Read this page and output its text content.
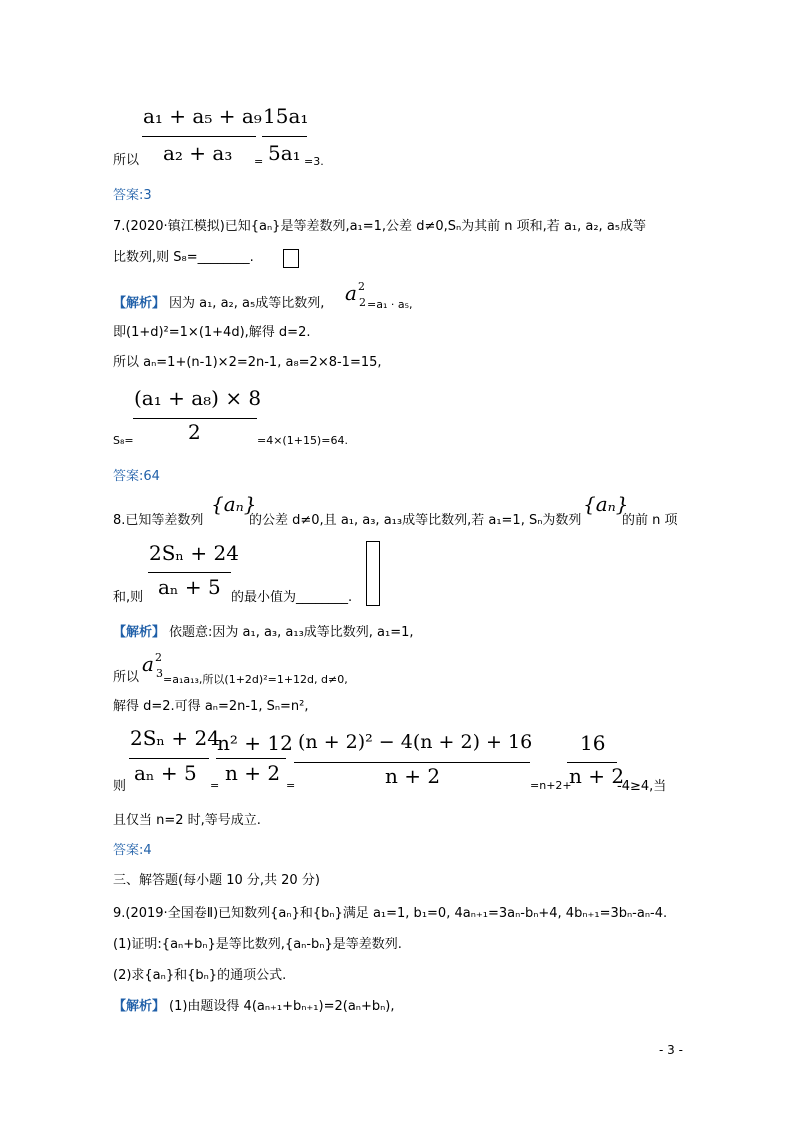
a₁ + a₅ + a₉
a₂ + a₃
15a₁
5a₁
所以	=	=3.
答案:3
7.(2020·镇江模拟)已知{aₙ}是等差数列,a₁=1,公差 d≠0,Sₙ为其前 n 项和,若 a₁, a₂, a₅成等
比数列,则 S₈=________.
【解析】 因为 a₁, a₂, a₅成等比数列, $a^2_2 =a_1 \cdot a_5$,
即(1+d)²=1×(1+4d),解得 d=2.
所以 aₙ=1+(n-1)×2=2n-1, a₈=2×8-1=15,
(a₁ + a₈) × 8
2
S₈=	=4×(1+15)=64.
答案:64
8.已知等差数列
{aₙ}
的公差 d≠0,且 a₁, a₃, a₁₃成等比数列,若 a₁=1, Sₙ为数列
{aₙ}
的前 n 项
2Sₙ + 24
aₙ + 5
和,则	的最小值为________.
【解析】 依题意:因为 a₁, a₃, a₁₃成等比数列, a₁=1,
所以
$a^2_3 =a_1a_{13}$,所以(1+2d)²=1+12d, d≠0,
解得 d=2.可得 aₙ=2n-1, Sₙ=n²,
2Sₙ + 24
aₙ + 5
=
n² + 12
n + 2
=
(n + 2)² − 4(n + 2) + 16
n + 2	=n+2+
16
n + 2
-4≥4,当
则
且仅当 n=2 时,等号成立.
答案:4
三、解答题(每小题 10 分,共 20 分)
9.(2019·全国卷Ⅱ)已知数列{aₙ}和{bₙ}满足 a₁=1, b₁=0, 4aₙ₊₁=3aₙ-bₙ+4, 4bₙ₊₁=3bₙ-aₙ-4.
(1)证明:{aₙ+bₙ}是等比数列,{aₙ-bₙ}是等差数列.
(2)求{aₙ}和{bₙ}的通项公式.
【解析】 (1)由题设得 4(aₙ₊₁+bₙ₊₁)=2(aₙ+bₙ),
- 3 -
